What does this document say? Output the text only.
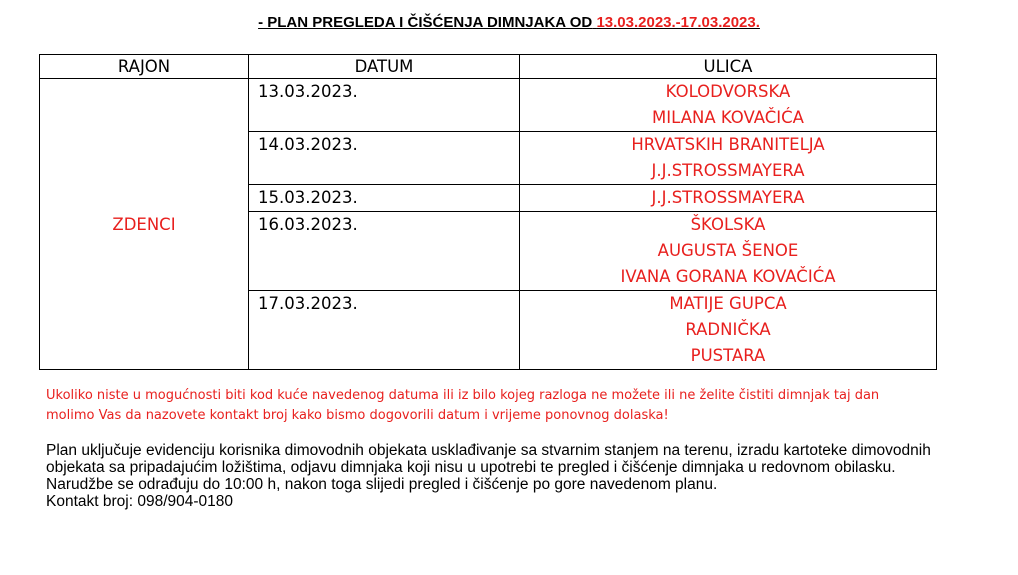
- PLAN PREGLEDA I ČIŠĆENJA DIMNJAKA OD 13.03.2023.-17.03.2023.
RAJON	DATUM	ULICA
ZDENCI	13.03.2023.	KOLODVORSKA
MILANA KOVAČIĆA

	14.03.2023.	HRVATSKIH BRANITELJA
J.J.STROSSMAYERA

	15.03.2023.	J.J.STROSSMAYERA

	16.03.2023.	ŠKOLSKA
AUGUSTA ŠENOE
IVANA GORANA KOVAČIĆA

	17.03.2023.	MATIJE GUPCA
RADNIČKA
PUSTARA
Ukoliko niste u mogućnosti biti kod kuće navedenog datuma ili iz bilo kojeg razloga ne možete ili ne želite čistiti dimnjak taj dan
molimo Vas da nazovete kontakt broj kako bismo dogovorili datum i vrijeme ponovnog dolaska!

Plan uključuje evidenciju korisnika dimovodnih objekata usklađivanje sa stvarnim stanjem na terenu, izradu kartoteke dimovodnih objekata sa pripadajućim ložištima, odjavu dimnjaka koji nisu u upotrebi te pregled i čišćenje dimnjaka u redovnom obilasku.

Narudžbe se odrađuju do 10:00 h, nakon toga slijedi pregled i čišćenje po gore navedenom planu.

Kontakt broj: 098/904-0180
